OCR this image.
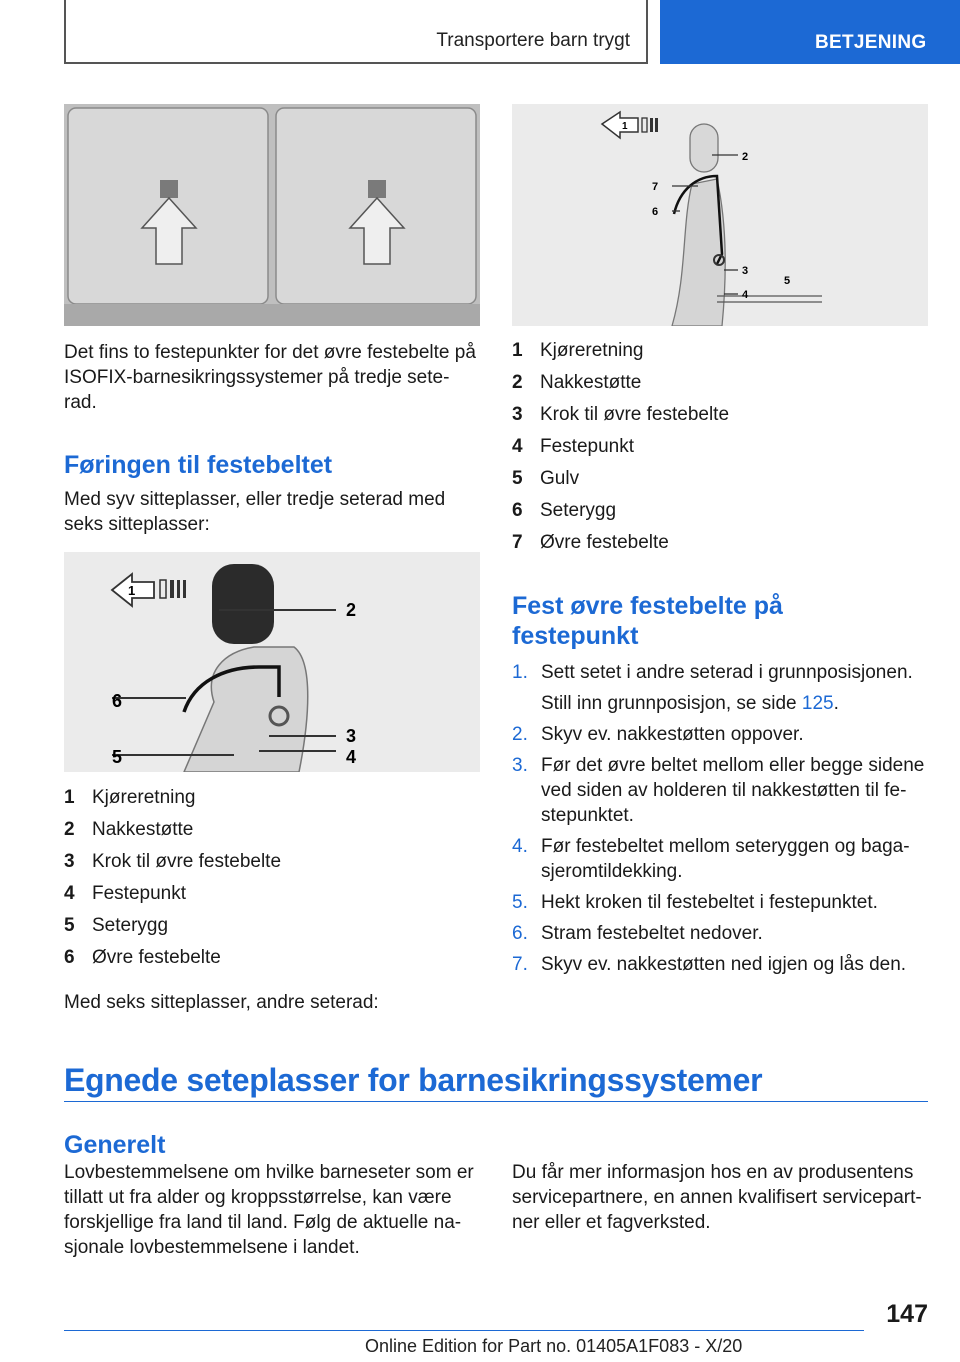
Transportere barn trygt	BETJENING
Det fins to festepunkter for det øvre festebelte på ISOFIX-barnesikringssystemer på tredje sete-rad.
Føringen til festebeltet
Med syv sitteplasser, eller tredje seterad med seks sitteplasser:
1
2
6
3
5	4
1 Kjøreretning
2 Nakkestøtte
3 Krok til øvre festebelte
4 Festepunkt
5 Seterygg
6 Øvre festebelte
Med seks sitteplasser, andre seterad:
1
2
7
6
3
4
5
1 Kjøreretning
2 Nakkestøtte
3 Krok til øvre festebelte
4 Festepunkt
5 Gulv
6 Seterygg
7 Øvre festebelte
Fest øvre festebelte på festepunkt
1. Sett setet i andre seterad i grunnposisjonen.
Still inn grunnposisjon, se side 125.
2. Skyv ev. nakkestøtten oppover.
3. Før det øvre beltet mellom eller begge sidene ved siden av holderen til nakkestøtten til fe-stepunktet.
4. Før festebeltet mellom seteryggen og baga-sjeromtildekking.
5. Hekt kroken til festebeltet i festepunktet.
6. Stram festebeltet nedover.
7. Skyv ev. nakkestøtten ned igjen og lås den.
Egnede seteplasser for barnesikringssystemer
Generelt
Lovbestemmelsene om hvilke barneseter som er tillatt ut fra alder og kroppsstørrelse, kan være forskjellige fra land til land. Følg de aktuelle na-sjonale lovbestemmelsene i landet.
Du får mer informasjon hos en av produsentens servicepartnere, en annen kvalifisert servicepart-ner eller et fagverksted.
147
Online Edition for Part no. 01405A1F083 - X/20
